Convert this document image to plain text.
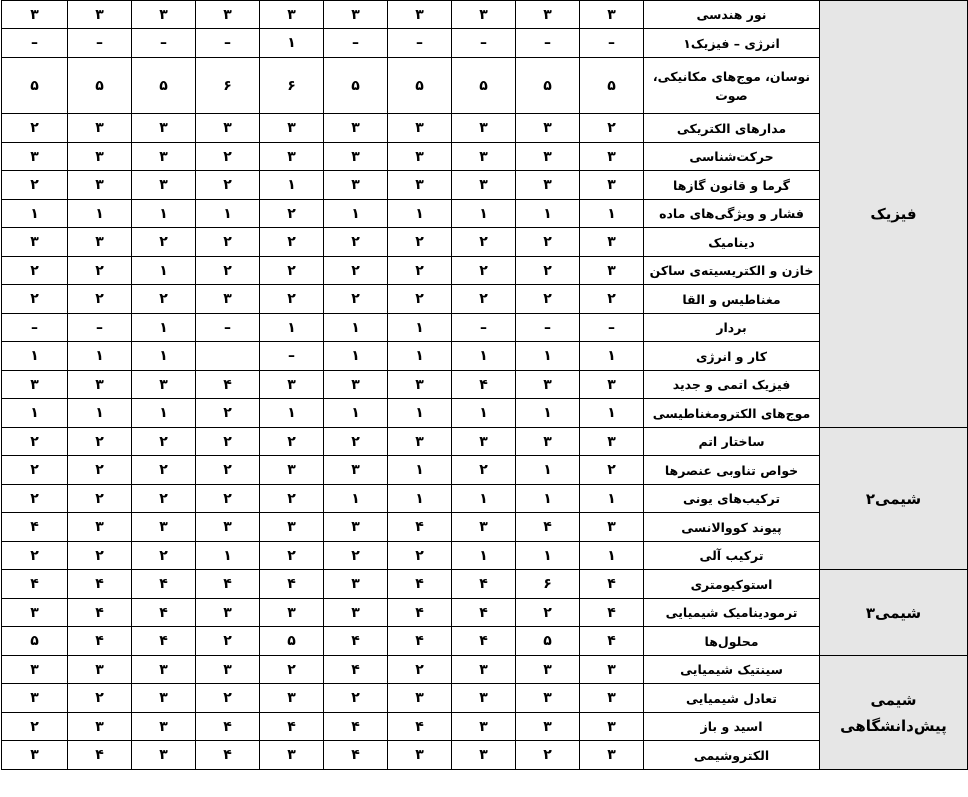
فیزیک	نور هندسی	۳	۳	۳	۳	۳	۳	۳	۳	۳	۳
	انرژی – فیزیک۱	–	–	–	–	–	۱	–	–	–	–
	نوسان، موج‌های مکانیکی، صوت	۵	۵	۵	۵	۵	۶	۶	۵	۵	۵
	مدارهای الکتریکی	۲	۳	۳	۳	۳	۳	۳	۳	۳	۲
	حرکت‌شناسی	۳	۳	۳	۳	۳	۳	۲	۳	۳	۳
	گرما و قانون گازها	۳	۳	۳	۳	۳	۱	۲	۳	۳	۲
	فشار و ویژگی‌های ماده	۱	۱	۱	۱	۱	۲	۱	۱	۱	۱
	دینامیک	۳	۲	۲	۲	۲	۲	۲	۲	۳	۳
	خازن و الکتریسیته‌ی ساکن	۳	۲	۲	۲	۲	۲	۲	۱	۲	۲
	مغناطیس و القا	۲	۲	۲	۲	۲	۲	۳	۲	۲	۲
	بردار	–	–	–	۱	۱	۱	–	۱	–	–
	کار و انرژی	۱	۱	۱	۱	۱	–		۱	۱	۱
	فیزیک اتمی و جدید	۳	۳	۴	۳	۳	۳	۴	۳	۳	۳
	موج‌های الکترومغناطیسی	۱	۱	۱	۱	۱	۱	۲	۱	۱	۱
شیمی۲	ساختار اتم	۳	۳	۳	۳	۲	۲	۲	۲	۲	۲
	خواص تناوبی عنصرها	۲	۱	۲	۱	۳	۳	۲	۲	۲	۲
	ترکیب‌های یونی	۱	۱	۱	۱	۱	۲	۲	۲	۲	۲
	پیوند کووالانسی	۳	۴	۳	۴	۳	۳	۳	۳	۳	۴
	ترکیب آلی	۱	۱	۱	۲	۲	۲	۱	۲	۲	۲
شیمی۳	استوکیومتری	۴	۶	۴	۴	۳	۴	۴	۴	۴	۴
	ترمودینامیک شیمیایی	۴	۲	۴	۴	۳	۳	۳	۴	۴	۳
	محلول‌ها	۴	۵	۴	۴	۴	۵	۲	۴	۴	۵
شیمی پیش‌دانشگاهی	سینتیک شیمیایی	۳	۳	۳	۲	۴	۲	۳	۳	۳	۳
	تعادل شیمیایی	۳	۳	۳	۳	۲	۳	۲	۳	۲	۳
	اسید و باز	۳	۳	۳	۴	۴	۴	۴	۳	۳	۲
	الکتروشیمی	۳	۲	۳	۳	۴	۳	۴	۳	۴	۳
